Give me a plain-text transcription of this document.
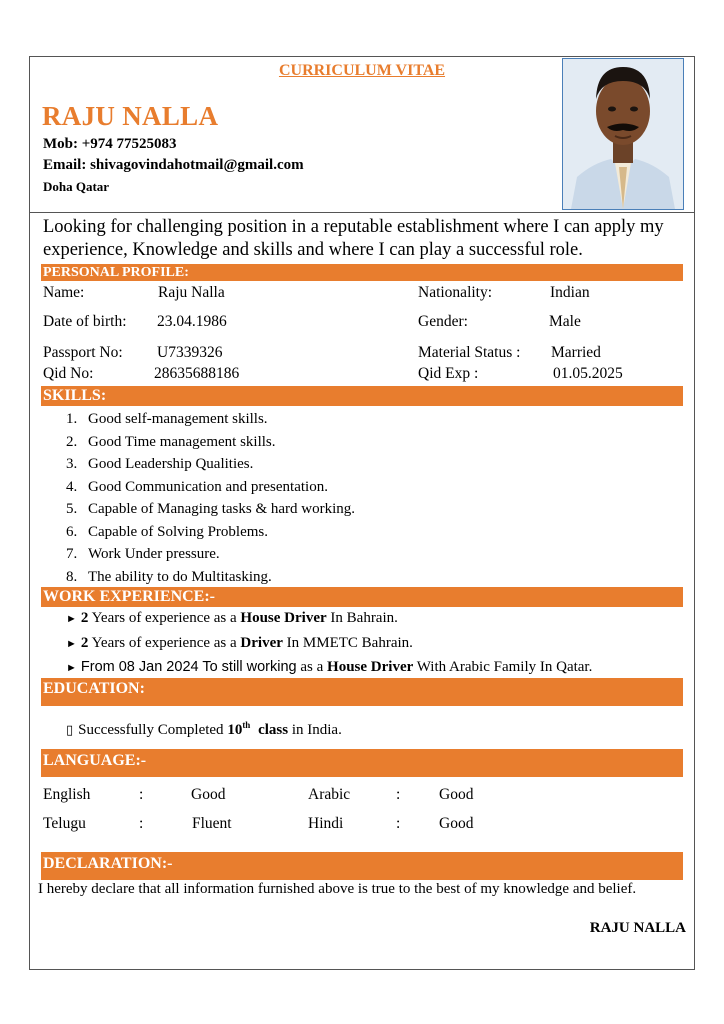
CURRICULUM VITAE
RAJU NALLA
Mob: +974 77525083
Email: shivagovindahotmail@gmail.com
Doha Qatar
Looking for challenging position in a reputable establishment where I can apply my experience, Knowledge and skills and where I can play a successful role.
PERSONAL PROFILE:
Name:	Raju Nalla	Nationality:	Indian
Date of birth: 23.04.1986	Gender:	Male
Passport No: U7339326	Material Status : Married
Qid No:	28635688186	Qid Exp :	01.05.2025
SKILLS:
1. Good self-management skills.
2. Good Time management skills.
3. Good Leadership Qualities.
4. Good Communication and presentation.
5. Capable of Managing tasks & hard working.
6. Capable of Solving Problems.
7. Work Under pressure.
8. The ability to do Multitasking.
WORK EXPERIENCE:-
► 2 Years of experience as a House Driver In Bahrain.
► 2 Years of experience as a Driver In MMETC Bahrain.
► From 08 Jan 2024 To still working as a House Driver With Arabic Family In Qatar.
EDUCATION:
▯ Successfully Completed 10th class in India.
LANGUAGE:-
English	:	Good	Arabic	: Good
Telugu	:	Fluent	Hindi	: Good
DECLARATION:-
I hereby declare that all information furnished above is true to the best of my knowledge and belief.
RAJU NALLA
